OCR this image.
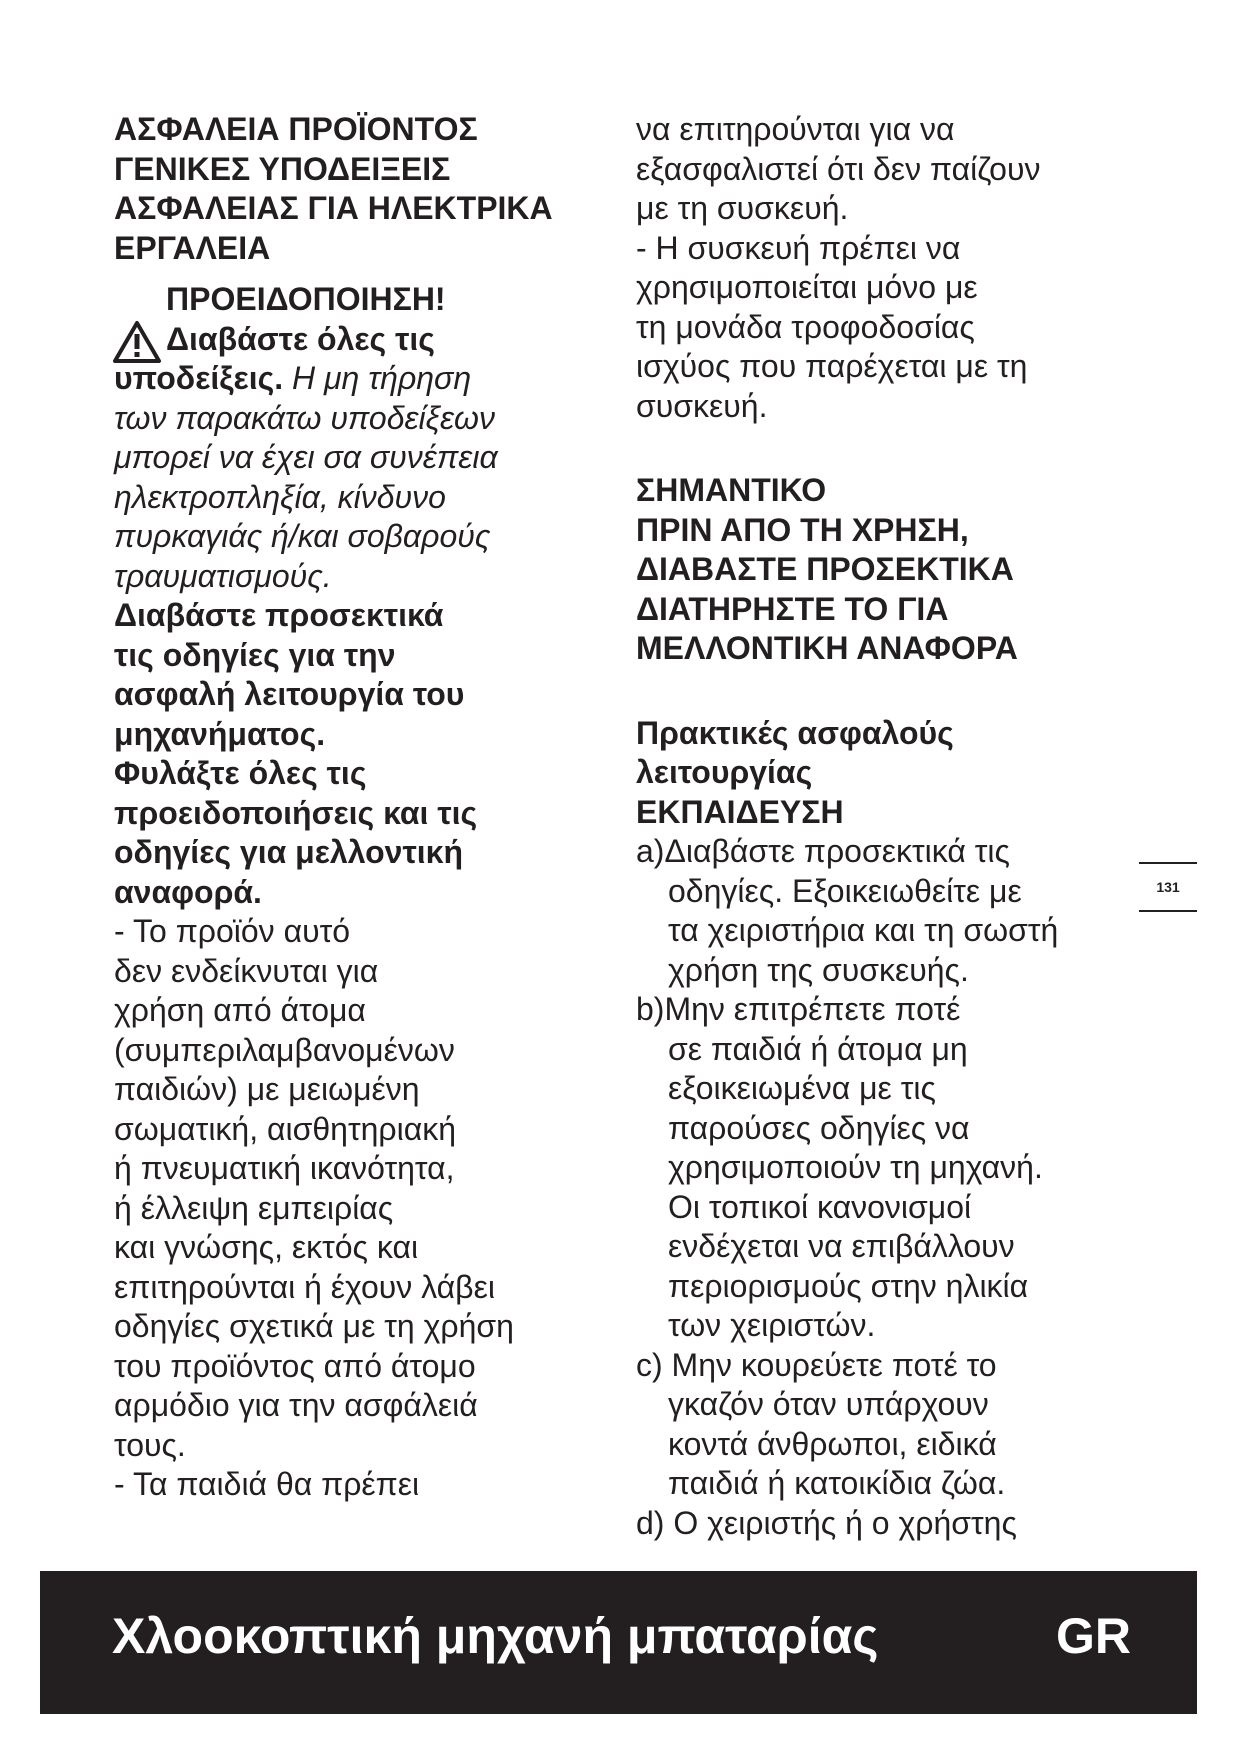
ΑΣΦΑΛΕΙΑ ΠΡΟΪΟΝΤΟΣ
ΓΕΝΙΚΕΣ ΥΠΟΔΕΙΞΕΙΣ
ΑΣΦΑΛΕΙΑΣ ΓΙΑ ΗΛΕΚΤΡΙΚΑ
ΕΡΓΑΛΕΙΑ
ΠΡΟΕΙΔΟΠΟΙΗΣΗ!
Διαβάστε όλες τις
υποδείξεις. Η μη τήρηση
των παρακάτω υποδείξεων
μπορεί να έχει σα συνέπεια
ηλεκτροπληξία, κίνδυνο
πυρκαγιάς ή/και σοβαρούς
τραυματισμούς.
Διαβάστε προσεκτικά
τις οδηγίες για την
ασφαλή λειτουργία του
μηχανήματος.
Φυλάξτε όλες τις
προειδοποιήσεις και τις
οδηγίες για μελλοντική
αναφορά.
- Το προϊόν αυτό
δεν ενδείκνυται για
χρήση από άτομα
(συμπεριλαμβανομένων
παιδιών) με μειωμένη
σωματική, αισθητηριακή
ή πνευματική ικανότητα,
ή έλλειψη εμπειρίας
και γνώσης, εκτός και
επιτηρούνται ή έχουν λάβει
οδηγίες σχετικά με τη χρήση
του προϊόντος από άτομο
αρμόδιο για την ασφάλειά
τους.
- Τα παιδιά θα πρέπει
να επιτηρούνται για να
εξασφαλιστεί ότι δεν παίζουν
με τη συσκευή.
- Η συσκευή πρέπει να
χρησιμοποιείται μόνο με
τη μονάδα τροφοδοσίας
ισχύος που παρέχεται με τη
συσκευή.
ΣΗΜΑΝΤΙΚΟ
ΠΡΙΝ ΑΠΟ ΤΗ ΧΡΗΣΗ,
ΔΙΑΒΑΣΤΕ ΠΡΟΣΕΚΤΙΚΑ
ΔΙΑΤΗΡΗΣΤΕ ΤΟ ΓΙΑ
ΜΕΛΛΟΝΤΙΚΗ ΑΝΑΦΟΡΑ
Πρακτικές ασφαλούς
λειτουργίας
ΕΚΠΑΙΔΕΥΣΗ
a)Διαβάστε προσεκτικά τις
οδηγίες. Εξοικειωθείτε με
τα χειριστήρια και τη σωστή
χρήση της συσκευής.
b)Μην επιτρέπετε ποτέ
σε παιδιά ή άτομα μη
εξοικειωμένα με τις
παρούσες οδηγίες να
χρησιμοποιούν τη μηχανή.
Οι τοπικοί κανονισμοί
ενδέχεται να επιβάλλουν
περιορισμούς στην ηλικία
των χειριστών.
c) Μην κουρεύετε ποτέ το
γκαζόν όταν υπάρχουν
κοντά άνθρωποι, ειδικά
παιδιά ή κατοικίδια ζώα.
d) Ο χειριστής ή ο χρήστης
131
Χλοοκοπτική μηχανή μπαταρίας	GR
